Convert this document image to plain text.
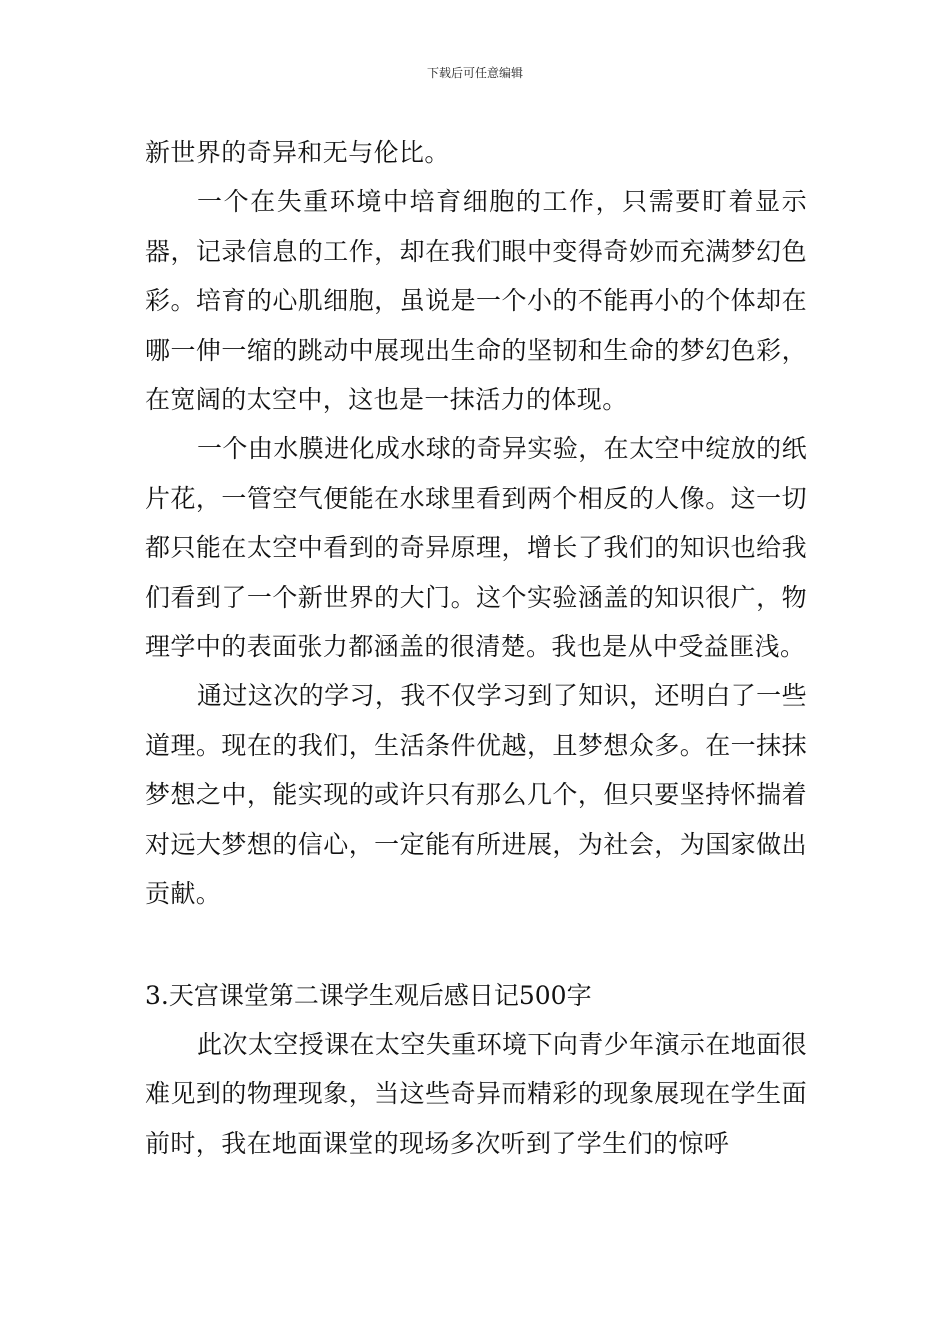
下载后可任意编辑

新世界的奇异和无与伦比。

一个在失重环境中培育细胞的工作，只需要盯着显示器，记录信息的工作，却在我们眼中变得奇妙而充满梦幻色彩。培育的心肌细胞，虽说是一个小的不能再小的个体却在哪一伸一缩的跳动中展现出生命的坚韧和生命的梦幻色彩，在宽阔的太空中，这也是一抹活力的体现。

一个由水膜进化成水球的奇异实验，在太空中绽放的纸片花，一管空气便能在水球里看到两个相反的人像。这一切都只能在太空中看到的奇异原理，增长了我们的知识也给我们看到了一个新世界的大门。这个实验涵盖的知识很广，物理学中的表面张力都涵盖的很清楚。我也是从中受益匪浅。

通过这次的学习，我不仅学习到了知识，还明白了一些道理。现在的我们，生活条件优越，且梦想众多。在一抹抹梦想之中，能实现的或许只有那么几个，但只要坚持怀揣着对远大梦想的信心，一定能有所进展，为社会，为国家做出贡献。

3.天宫课堂第二课学生观后感日记500字

此次太空授课在太空失重环境下向青少年演示在地面很难见到的物理现象，当这些奇异而精彩的现象展现在学生面前时，我在地面课堂的现场多次听到了学生们的惊呼
